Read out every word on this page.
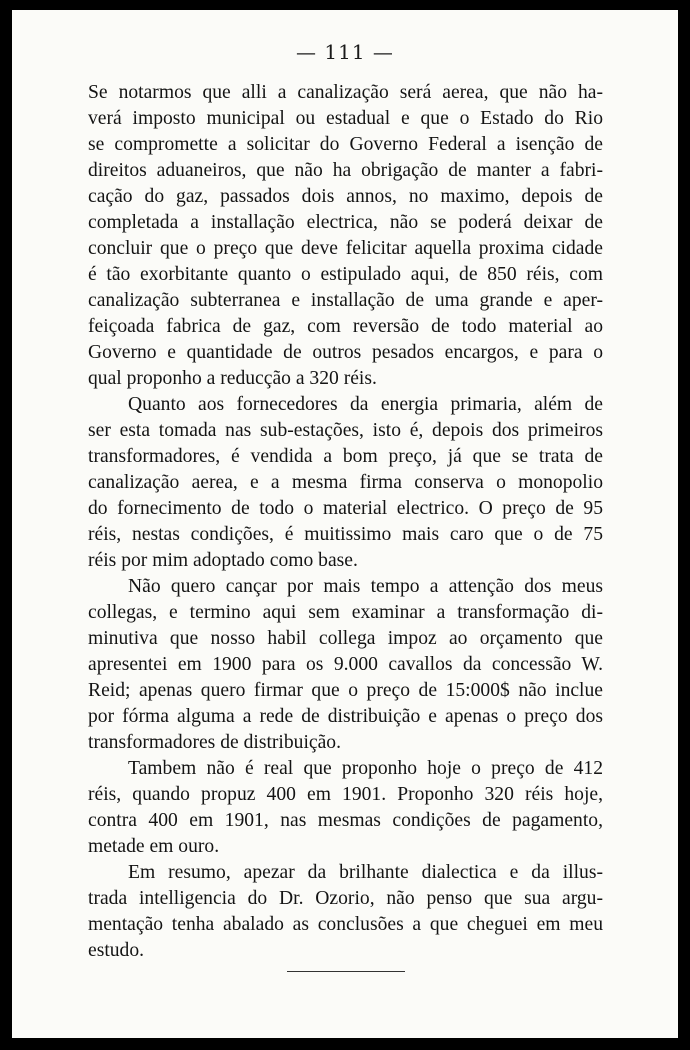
— 111 —
Se notarmos que alli a canalização será aerea, que não ha-
verá imposto municipal ou estadual e que o Estado do Rio
se compromette a solicitar do Governo Federal a isenção de
direitos aduaneiros, que não ha obrigação de manter a fabri-
cação do gaz, passados dois annos, no maximo, depois de
completada a installação electrica, não se poderá deixar de
concluir que o preço que deve felicitar aquella proxima cidade
é tão exorbitante quanto o estipulado aqui, de 850 réis, com
canalização subterranea e installação de uma grande e aper-
feiçoada fabrica de gaz, com reversão de todo material ao
Governo e quantidade de outros pesados encargos, e para o
qual proponho a reducção a 320 réis.
Quanto aos fornecedores da energia primaria, além de
ser esta tomada nas sub-estações, isto é, depois dos primeiros
transformadores, é vendida a bom preço, já que se trata de
canalização aerea, e a mesma firma conserva o monopolio
do fornecimento de todo o material electrico. O preço de 95
réis, nestas condições, é muitissimo mais caro que o de 75
réis por mim adoptado como base.
Não quero cançar por mais tempo a attenção dos meus
collegas, e termino aqui sem examinar a transformação di-
minutiva que nosso habil collega impoz ao orçamento que
apresentei em 1900 para os 9.000 cavallos da concessão W.
Reid; apenas quero firmar que o preço de 15:000$ não inclue
por fórma alguma a rede de distribuição e apenas o preço dos
transformadores de distribuição.
Tambem não é real que proponho hoje o preço de 412
réis, quando propuz 400 em 1901. Proponho 320 réis hoje,
contra 400 em 1901, nas mesmas condições de pagamento,
metade em ouro.
Em resumo, apezar da brilhante dialectica e da illus-
trada intelligencia do Dr. Ozorio, não penso que sua argu-
mentação tenha abalado as conclusões a que cheguei em meu
estudo.
